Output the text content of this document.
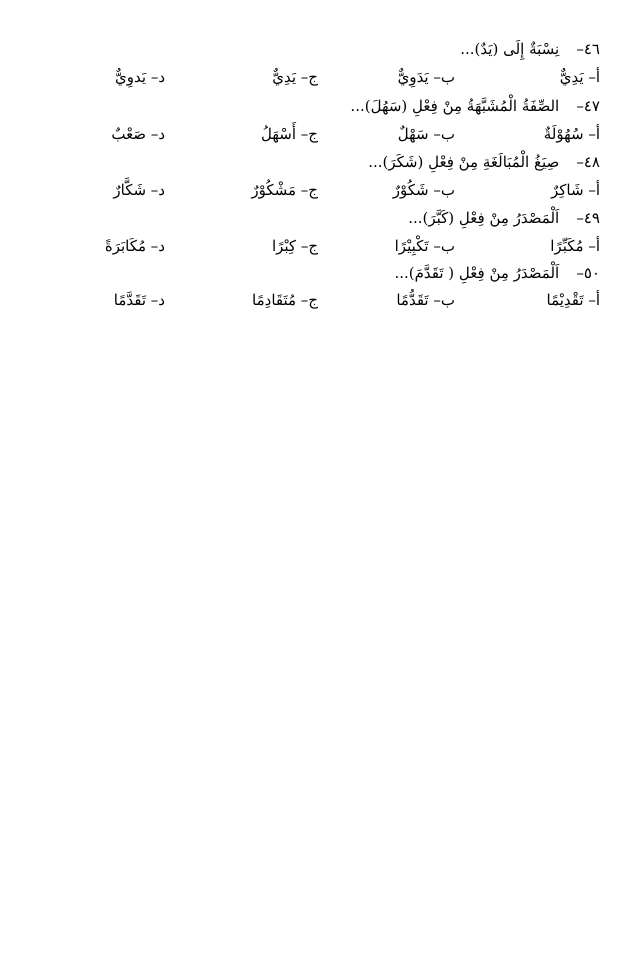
٤٦– نِسْبَةٌ إِلَى (يَدٌ)...
أ– يَدِيٌّ
ب– يَدَوِيٌّ
ج– يَدِيٌّ
د– يَدوِيٌّ
٤٧– الصِّفَةُ الْمُشَبَّهَةُ مِنْ فِعْلِ (سَهُلَ)...
أ– سُهُوْلَةٌ
ب– سَهْلٌ
ج– أَسْهَلُ
د– صَعْبٌ
٤٨– صِيَغُ الْمُبَالَغَةِ مِنْ فِعْلِ (شَكَرَ)...
أ– شَاكِرٌ
ب– شَكُوْرٌ
ج– مَشْكُوْرٌ
د– شَكَّارٌ
٤٩– اَلْمَصْدَرُ مِنْ فِعْلِ (كَبَّرَ)...
أ– مُكَبِّرًا
ب– تَكْبِيْرًا
ج– كِبْرًا
د– مُكَابَرَةً
٥٠– اَلْمَصْدَرُ مِنْ فِعْلِ ( تَقَدَّمَ)...
أ– تَقْدِيْمًا
ب– تَقَدُّمًا
ج– مُتَقَادِمًا
د– تَقَدَّمًا
